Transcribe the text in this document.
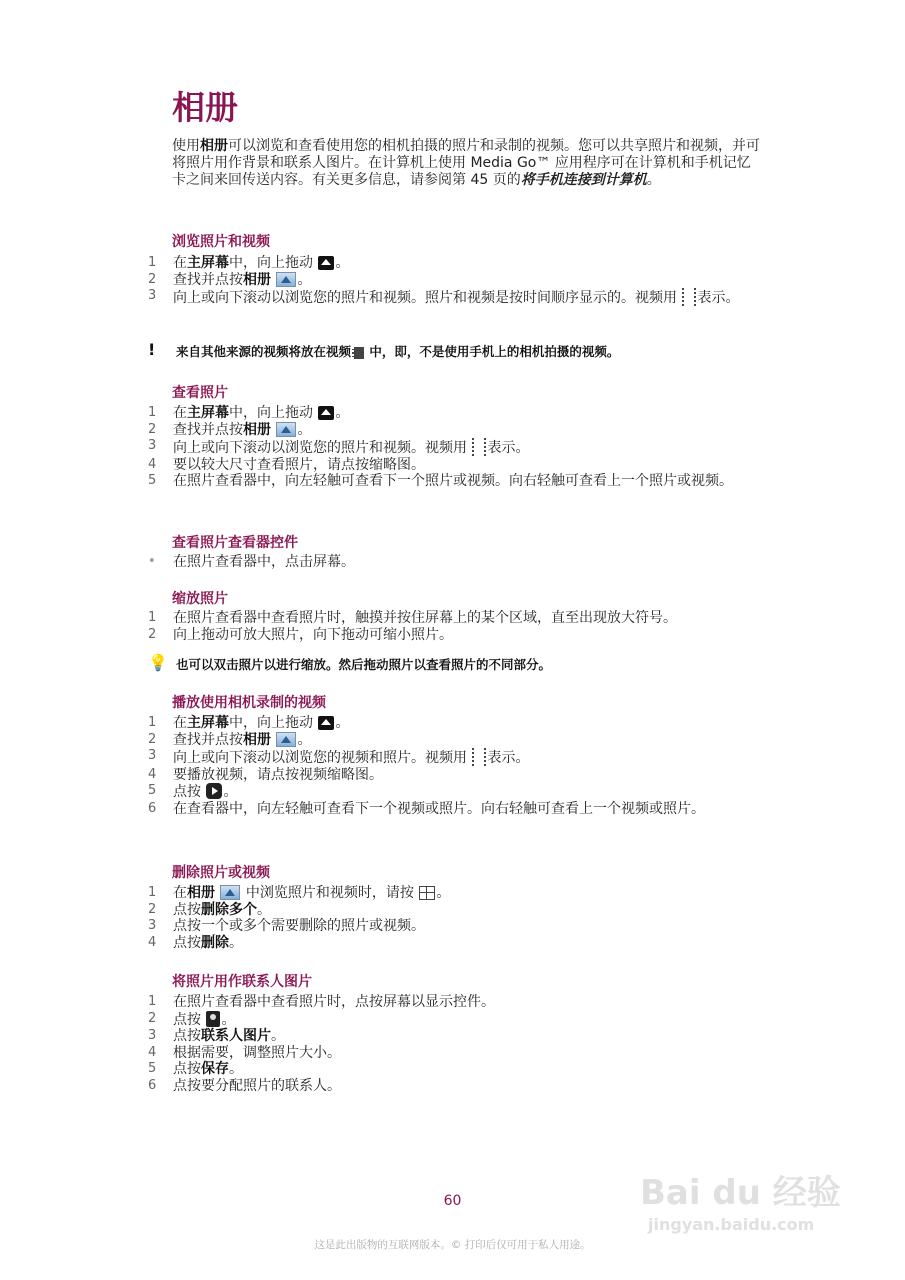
相册
使用相册可以浏览和查看使用您的相机拍摄的照片和录制的视频。您可以共享照片和视频，并可将照片用作背景和联系人图片。在计算机上使用 Media Go™ 应用程序可在计算机和手机记忆卡之间来回传送内容。有关更多信息，请参阅第 45 页的将手机连接到计算机。
浏览照片和视频
1	在主屏幕中，向上拖动 。
2	查找并点按相册 。
3	向上或向下滚动以浏览您的照片和视频。照片和视频是按时间顺序显示的。视频用 表示。
!	来自其他来源的视频将放在视频 中，即，不是使用手机上的相机拍摄的视频。
查看照片
1	在主屏幕中，向上拖动 。
2	查找并点按相册 。
3	向上或向下滚动以浏览您的照片和视频。视频用 表示。
4	要以较大尺寸查看照片，请点按缩略图。
5	在照片查看器中，向左轻触可查看下一个照片或视频。向右轻触可查看上一个照片或视频。
查看照片查看器控件
•	在照片查看器中，点击屏幕。
缩放照片
1	在照片查看器中查看照片时，触摸并按住屏幕上的某个区域，直至出现放大符号。
2	向上拖动可放大照片，向下拖动可缩小照片。
💡 也可以双击照片以进行缩放。然后拖动照片以查看照片的不同部分。
播放使用相机录制的视频
1	在主屏幕中，向上拖动 。
2	查找并点按相册 。
3	向上或向下滚动以浏览您的视频和照片。视频用 表示。
4	要播放视频，请点按视频缩略图。
5	点按 。
6	在查看器中，向左轻触可查看下一个视频或照片。向右轻触可查看上一个视频或照片。
删除照片或视频
1	在相册 中浏览照片和视频时，请按 。
2	点按删除多个。
3	点按一个或多个需要删除的照片或视频。
4	点按删除。
将照片用作联系人图片
1	在照片查看器中查看照片时，点按屏幕以显示控件。
2	点按 。
3	点按联系人图片。
4	根据需要，调整照片大小。
5	点按保存。
6	点按要分配照片的联系人。
Bai du 经验
jingyan.baidu.com
60
这是此出版物的互联网版本。© 打印后仅可用于私人用途。
